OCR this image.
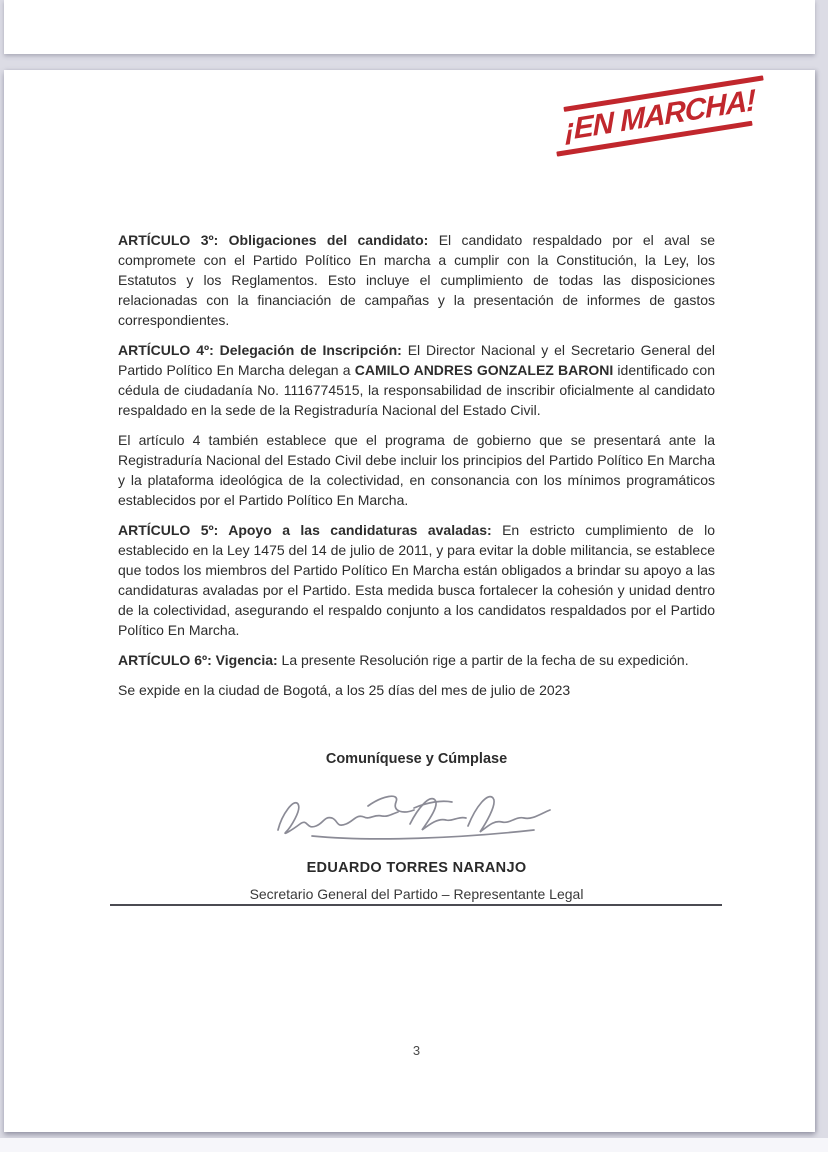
¡EN MARCHA!

ARTÍCULO 3º: Obligaciones del candidato: El candidato respaldado por el aval se compromete con el Partido Político En marcha a cumplir con la Constitución, la Ley, los Estatutos y los Reglamentos. Esto incluye el cumplimiento de todas las disposiciones relacionadas con la financiación de campañas y la presentación de informes de gastos correspondientes.

ARTÍCULO 4º: Delegación de Inscripción: El Director Nacional y el Secretario General del Partido Político En Marcha delegan a CAMILO ANDRES GONZALEZ BARONI identificado con cédula de ciudadanía No. 1116774515, la responsabilidad de inscribir oficialmente al candidato respaldado en la sede de la Registraduría Nacional del Estado Civil.

El artículo 4 también establece que el programa de gobierno que se presentará ante la Registraduría Nacional del Estado Civil debe incluir los principios del Partido Político En Marcha y la plataforma ideológica de la colectividad, en consonancia con los mínimos programáticos establecidos por el Partido Político En Marcha.

ARTÍCULO 5º: Apoyo a las candidaturas avaladas: En estricto cumplimiento de lo establecido en la Ley 1475 del 14 de julio de 2011, y para evitar la doble militancia, se establece que todos los miembros del Partido Político En Marcha están obligados a brindar su apoyo a las candidaturas avaladas por el Partido. Esta medida busca fortalecer la cohesión y unidad dentro de la colectividad, asegurando el respaldo conjunto a los candidatos respaldados por el Partido Político En Marcha.

ARTÍCULO 6º: Vigencia: La presente Resolución rige a partir de la fecha de su expedición.

Se expide en la ciudad de Bogotá, a los 25 días del mes de julio de 2023

Comuníquese y Cúmplase
EDUARDO TORRES NARANJO
Secretario General del Partido – Representante Legal
3
